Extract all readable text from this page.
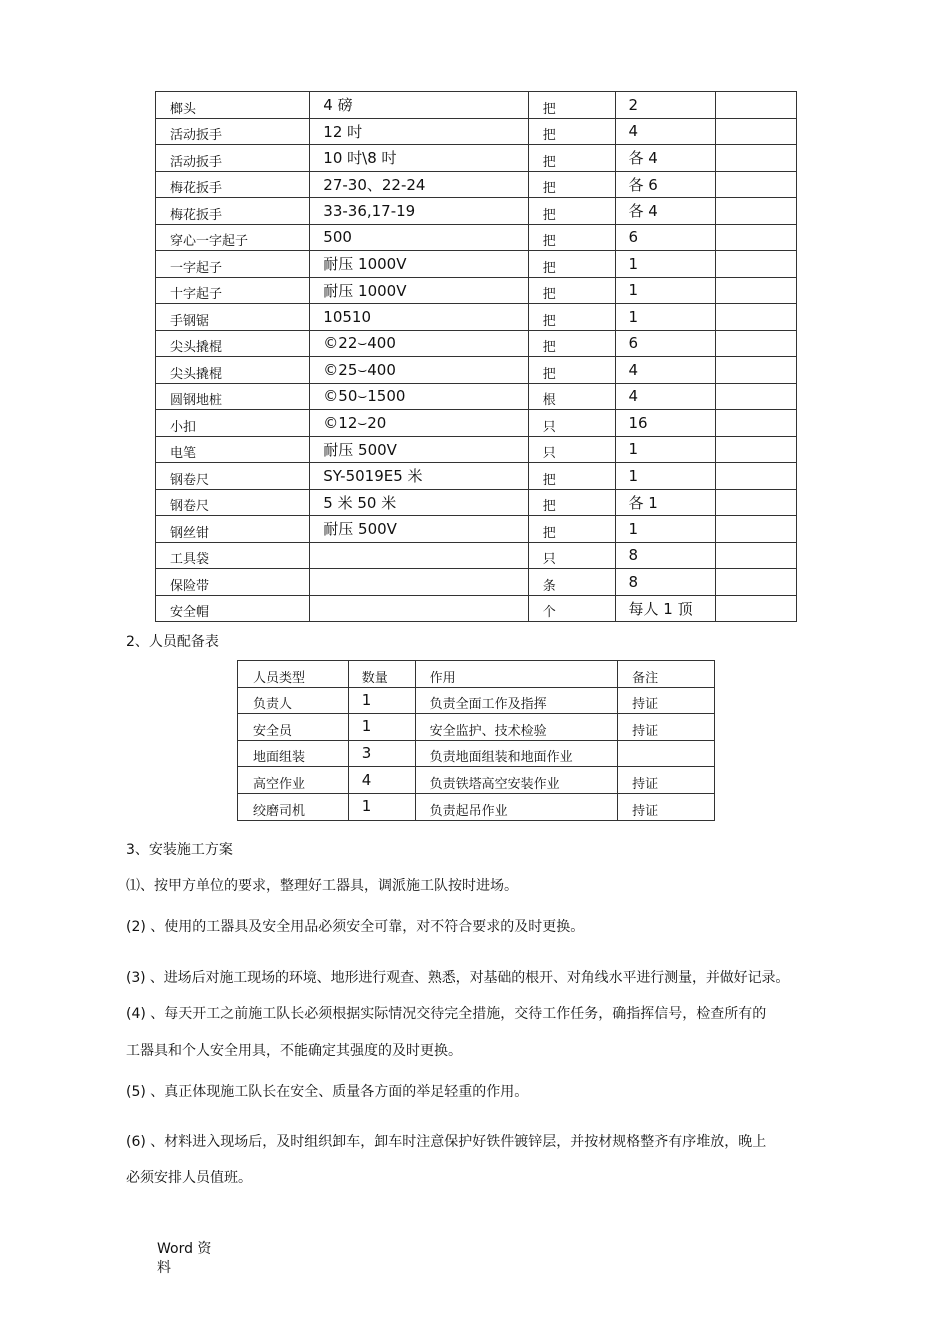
榔头	4 磅	把	2	
活动扳手	12 吋	把	4	
活动扳手	10 吋\8 吋	把	各 4	
梅花扳手	27-30、22-24	把	各 6	
梅花扳手	33-36,17-19	把	各 4	
穿心一字起子	500	把	6	
一字起子	耐压 1000V	把	1	
十字起子	耐压 1000V	把	1	
手钢锯	10510	把	1	
尖头撬棍	©22⌣400	把	6	
尖头撬棍	©25⌣400	把	4	
圆钢地桩	©50⌣1500	根	4	
小扣	©12⌣20	只	16	
电笔	耐压 500V	只	1	
钢卷尺	SY-5019E5 米	把	1	
钢卷尺	5 米 50 米	把	各 1	
钢丝钳	耐压 500V	把	1	
工具袋		只	8	
保险带		条	8	
安全帽		个	每人 1 顶	
2、人员配备表
人员类型	数量	作用	备注
负责人	1	负责全面工作及指挥	持证
安全员	1	安全监护、技术检验	持证
地面组装	3	负责地面组装和地面作业	
高空作业	4	负责铁塔高空安装作业	持证
绞磨司机	1	负责起吊作业	持证
3、安装施工方案
⑴、按甲方单位的要求，整理好工器具，调派施工队按时进场。
(2) 、使用的工器具及安全用品必须安全可靠，对不符合要求的及时更换。
(3) 、进场后对施工现场的环境、地形进行观查、熟悉，对基础的根开、对角线水平进行测量，并做好记录。
(4) 、每天开工之前施工队长必须根据实际情况交待完全措施，交待工作任务，确指挥信号，检查所有的
工器具和个人安全用具，不能确定其强度的及时更换。
(5) 、真正体现施工队长在安全、质量各方面的举足轻重的作用。
(6) 、材料进入现场后，及时组织卸车，卸车时注意保护好铁件镀锌层，并按材规格整齐有序堆放，晚上
必须安排人员值班。
Word 资
料
